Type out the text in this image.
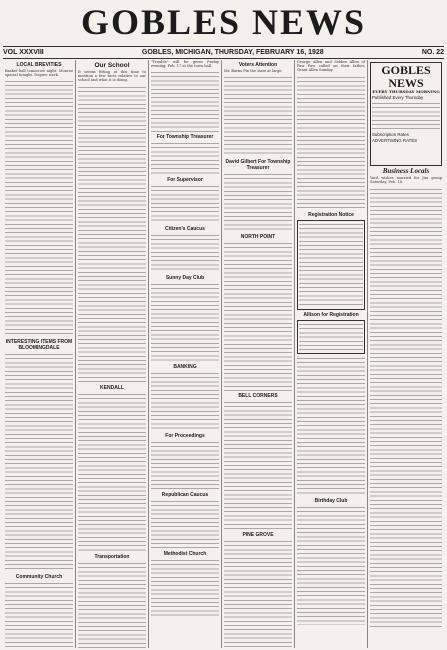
GOBLES NEWS
VOL XXXVIII	GOBLES, MICHIGAN, THURSDAY, FEBRUARY 16, 1928	NO. 22
LOCAL BREVITIES
Basket ball tomorrow night. Monroe special tonight. Degree work.
INTERESTING ITEMS FROM BLOOMINGDALE
Community Church
Our School
It seems fitting at this time to mention a few facts relative to our school and what it is doing.
KENDALL
Transportation
"Trouble" will be given Friday evening, Feb. 17 at the town hall.
For Township Treasurer
For Supervisor
Citizen's Caucus
Sunny Day Club
BANKING
For Proceedings
Republican Caucus
Methodist Church
Voters Attention
Mr. Burns Fix the state at large.
David Gilbert For Township Treasurer
NORTH POINT
BELL CORNERS
PINE GROVE
George Allen and Selden Allen of Paw Paw called on their father, Grant Allen Sunday.
Registration Notice
Allison for Registration
Birthday Club
GOBLES NEWS
EVERY THURSDAY MORNING
Published Every Thursday
Subscription Rates
ADVERTISING RATES
Business Locals
Yard wishes married for Jim group Saturday, Feb. 18.
